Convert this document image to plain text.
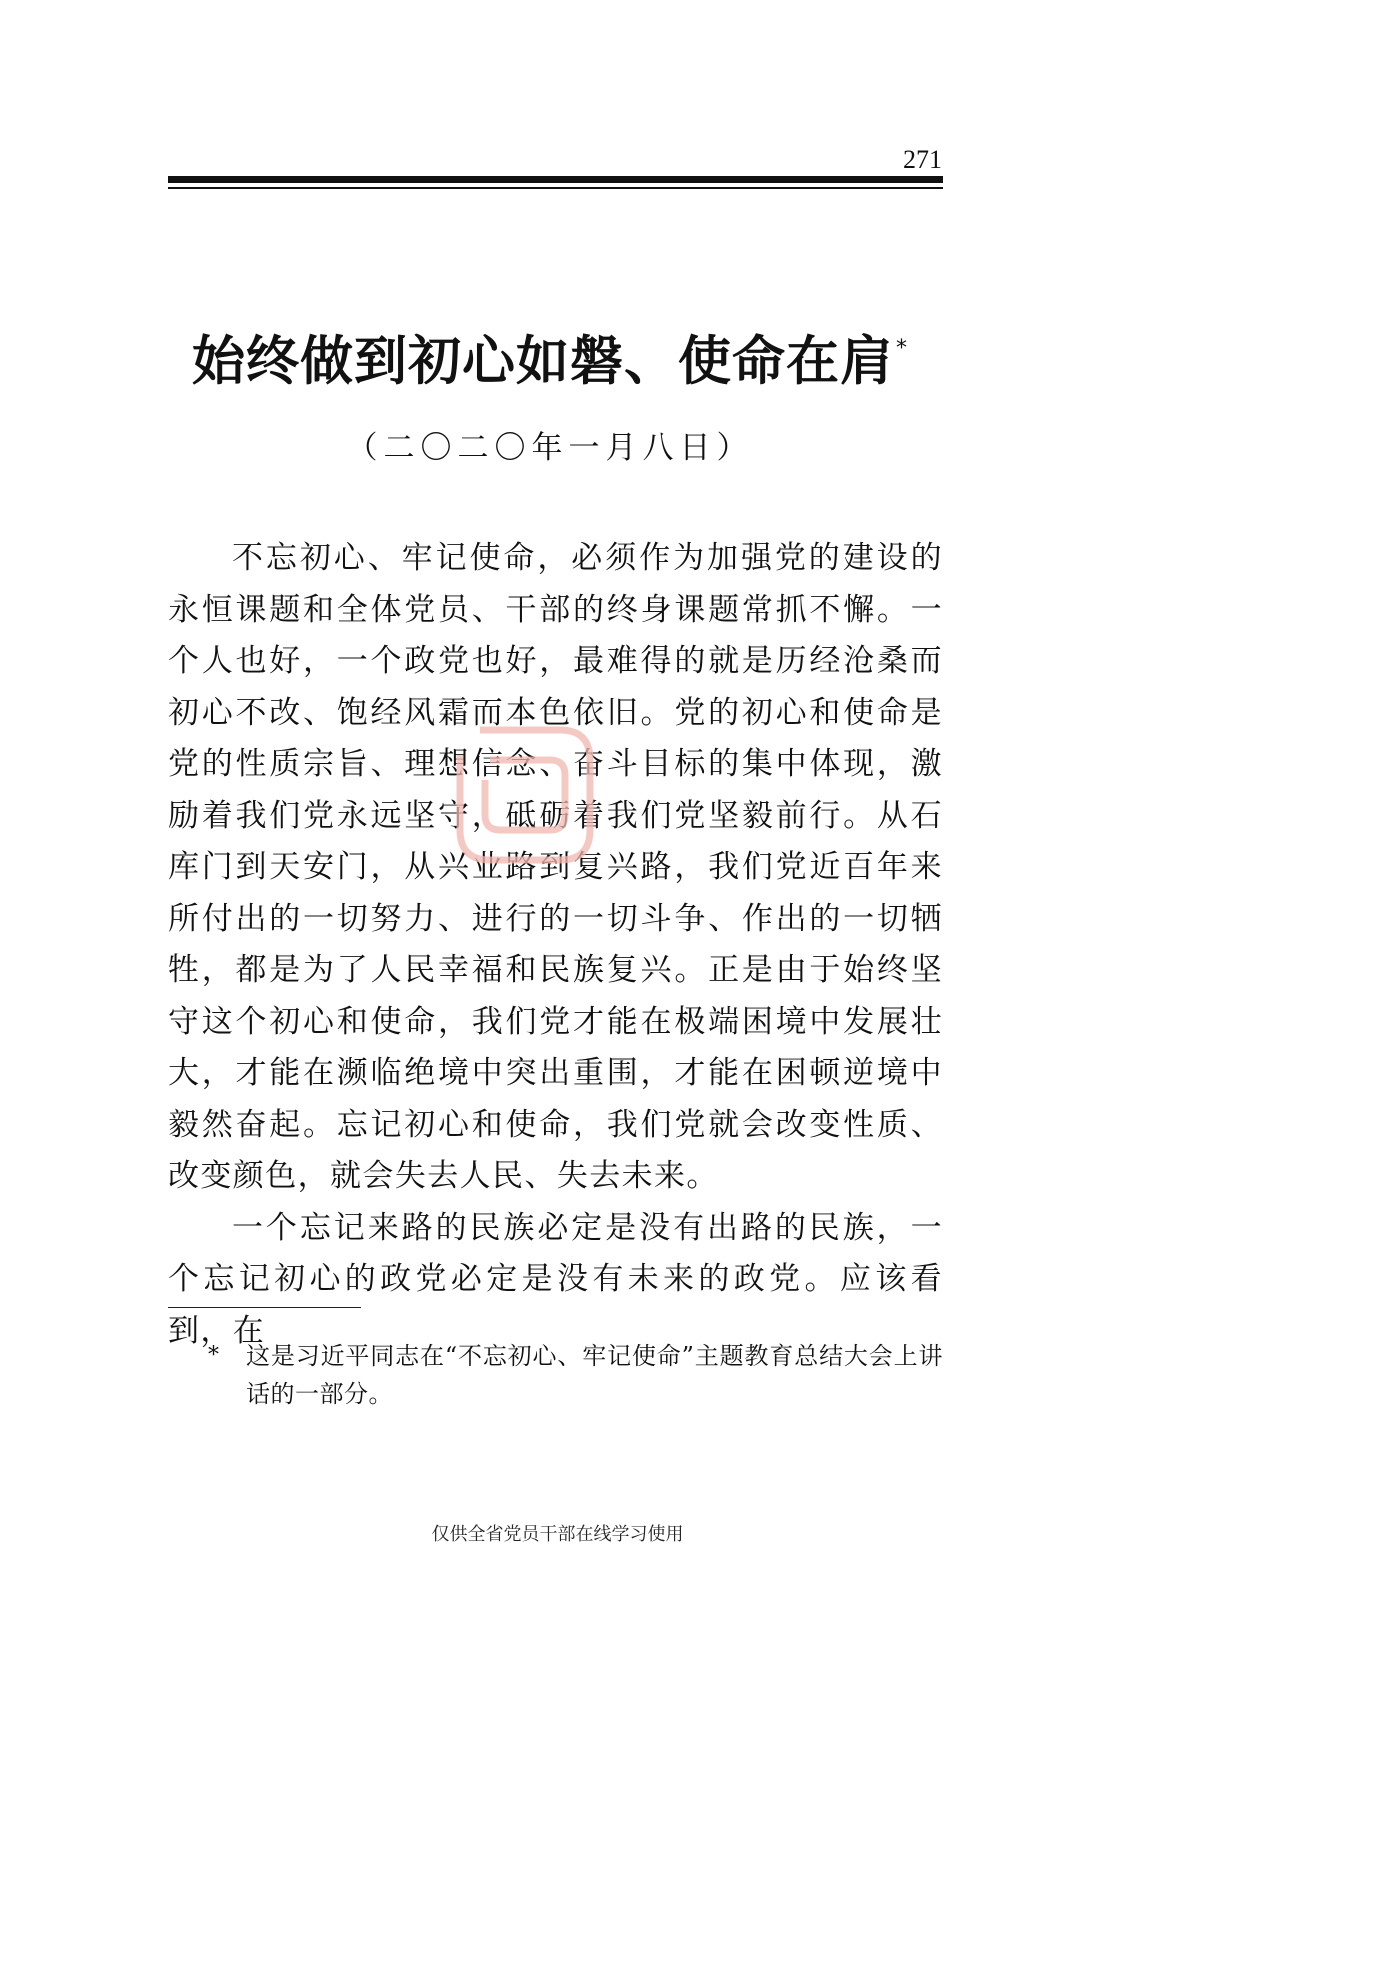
271
始终做到初心如磐、使命在肩*
（二〇二〇年一月八日）

不忘初心、牢记使命，必须作为加强党的建设的永恒课题和全体党员、干部的终身课题常抓不懈。一个人也好，一个政党也好，最难得的就是历经沧桑而初心不改、饱经风霜而本色依旧。党的初心和使命是党的性质宗旨、理想信念、奋斗目标的集中体现，激励着我们党永远坚守，砥砺着我们党坚毅前行。从石库门到天安门，从兴业路到复兴路，我们党近百年来所付出的一切努力、进行的一切斗争、作出的一切牺牲，都是为了人民幸福和民族复兴。正是由于始终坚守这个初心和使命，我们党才能在极端困境中发展壮大，才能在濒临绝境中突出重围，才能在困顿逆境中毅然奋起。忘记初心和使命，我们党就会改变性质、改变颜色，就会失去人民、失去未来。

一个忘记来路的民族必定是没有出路的民族，一个忘记初心的政党必定是没有未来的政党。应该看到，在

* 这是习近平同志在“不忘初心、牢记使命”主题教育总结大会上讲话的一部分。
仅供全省党员干部在线学习使用
